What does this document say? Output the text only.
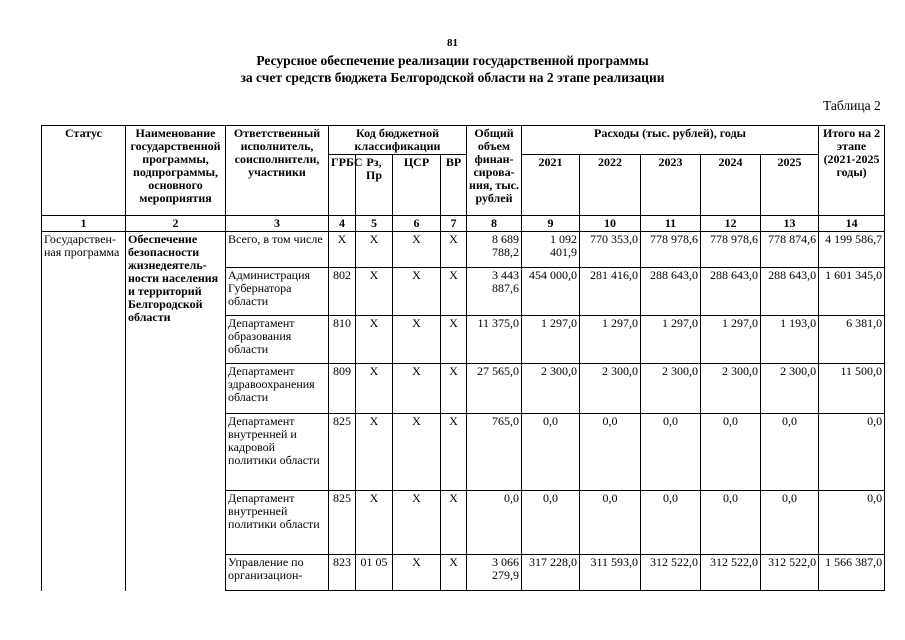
81
Ресурсное обеспечение реализации государственной программы
за счет средств бюджета Белгородской области на 2 этапе реализации
Таблица 2
Статус	Наименование государственной программы, подпрограммы, основного мероприятия	Ответственный исполнитель, соисполнители, участники	Код бюджетной классификации				Общий объем финан-сирова-ния, тыс. рублей	Расходы (тыс. рублей), годы					Итого на 2 этапе (2021-2025 годы)
			ГРБС	Рз, Пр	ЦСР	ВР		2021	2022	2023	2024	2025	
1	2	3	4	5	6	7	8	9	10	11	12	13	14
Государствен-ная программа	Обеспечение безопасности жизнедеятель-ности населения и территорий Белгородской области	Всего, в том числе	X	X	X	X	8 689 788,2	1 092 401,9	770 353,0	778 978,6	778 978,6	778 874,6	4 199 586,7
		Администрация Губернатора области	802	X	X	X	3 443 887,6	454 000,0	281 416,0	288 643,0	288 643,0	288 643,0	1 601 345,0
		Департамент образования области	810	X	X	X	11 375,0	1 297,0	1 297,0	1 297,0	1 297,0	1 193,0	6 381,0
		Департамент здравоохранения области	809	X	X	X	27 565,0	2 300,0	2 300,0	2 300,0	2 300,0	2 300,0	11 500,0
		Департамент внутренней и кадровой политики области	825	X	X	X	765,0	0,0	0,0	0,0	0,0	0,0	0,0
		Департамент внутренней политики области	825	X	X	X	0,0	0,0	0,0	0,0	0,0	0,0	0,0
		Управление по организацион-	823	01 05	X	X	3 066 279,9	317 228,0	311 593,0	312 522,0	312 522,0	312 522,0	1 566 387,0
